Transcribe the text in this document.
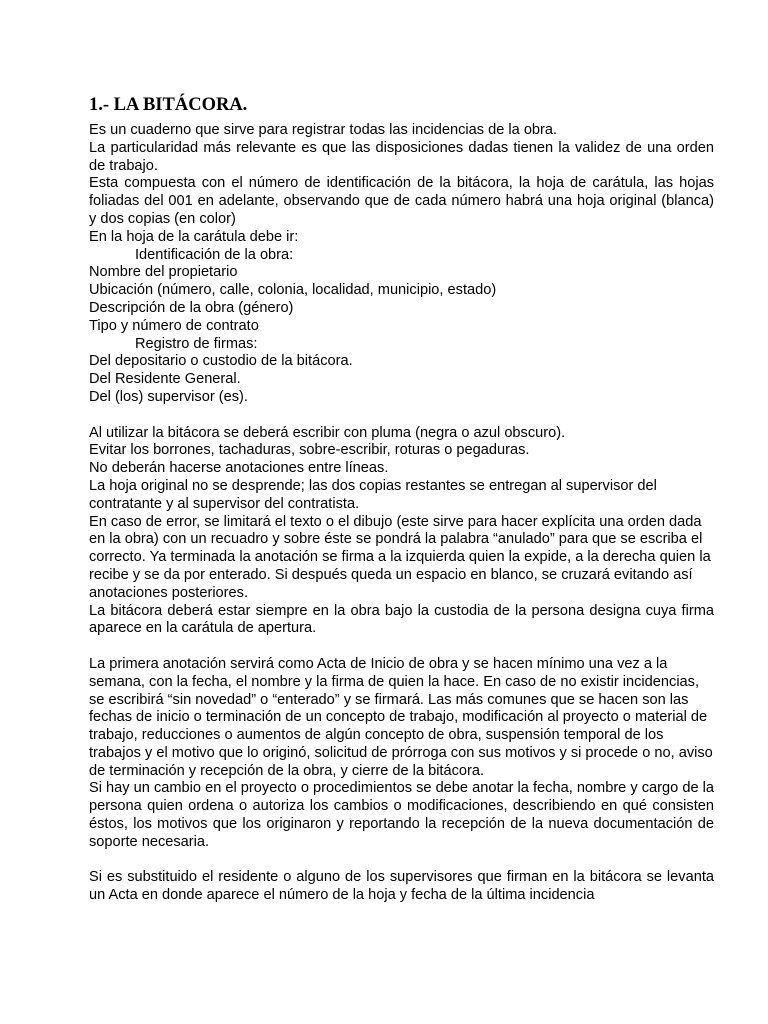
1.- LA BITÁCORA.
Es un cuaderno que sirve para registrar todas las incidencias de la obra.
La particularidad más relevante es que las disposiciones dadas tienen la validez de una orden de trabajo.
Esta compuesta con el número de identificación de la bitácora, la hoja de carátula, las hojas foliadas del 001 en adelante, observando que de cada número habrá una hoja original (blanca) y dos copias (en color)
En la hoja de la carátula debe ir:
Identificación de la obra:
Nombre del propietario
Ubicación (número, calle, colonia, localidad, municipio, estado)
Descripción de la obra (género)
Tipo y número de contrato
Registro de firmas:
Del depositario o custodio de la bitácora.
Del Residente General.
Del (los) supervisor (es).
Al utilizar la bitácora se deberá escribir con pluma (negra o azul obscuro).
Evitar los borrones, tachaduras, sobre-escribir, roturas o pegaduras.
No deberán hacerse anotaciones entre líneas.
La hoja original no se desprende; las dos copias restantes se entregan al supervisor del contratante y al supervisor del contratista.
En caso de error, se limitará el texto o el dibujo (este sirve para hacer explícita una orden dada en la obra) con un recuadro y sobre éste se pondrá la palabra “anulado” para que se escriba el correcto. Ya terminada la anotación se firma a la izquierda quien la expide, a la derecha quien la recibe y se da por enterado. Si después queda un espacio en blanco, se cruzará evitando así anotaciones posteriores.
La bitácora deberá estar siempre en la obra bajo la custodia de la persona designa cuya firma aparece en la carátula de apertura.
La primera anotación servirá como Acta de Inicio de obra y se hacen mínimo una vez a la semana, con la fecha, el nombre y la firma de quien la hace. En caso de no existir incidencias, se escribirá “sin novedad” o “enterado” y se firmará. Las más comunes que se hacen son las fechas de inicio o terminación de un concepto de trabajo, modificación al proyecto o material de trabajo, reducciones o aumentos de algún concepto de obra, suspensión temporal de los trabajos y el motivo que lo originó, solicitud de prórroga con sus motivos y si procede o no, aviso de terminación y recepción de la obra, y cierre de la bitácora.
Si hay un cambio en el proyecto o procedimientos se debe anotar la fecha, nombre y cargo de la persona quien ordena o autoriza los cambios o modificaciones, describiendo en qué consisten éstos, los motivos que los originaron y reportando la recepción de la nueva documentación de soporte necesaria.
Si es substituido el residente o alguno de los supervisores que firman en la bitácora se levanta un Acta en donde aparece el número de la hoja y fecha de la última incidencia
